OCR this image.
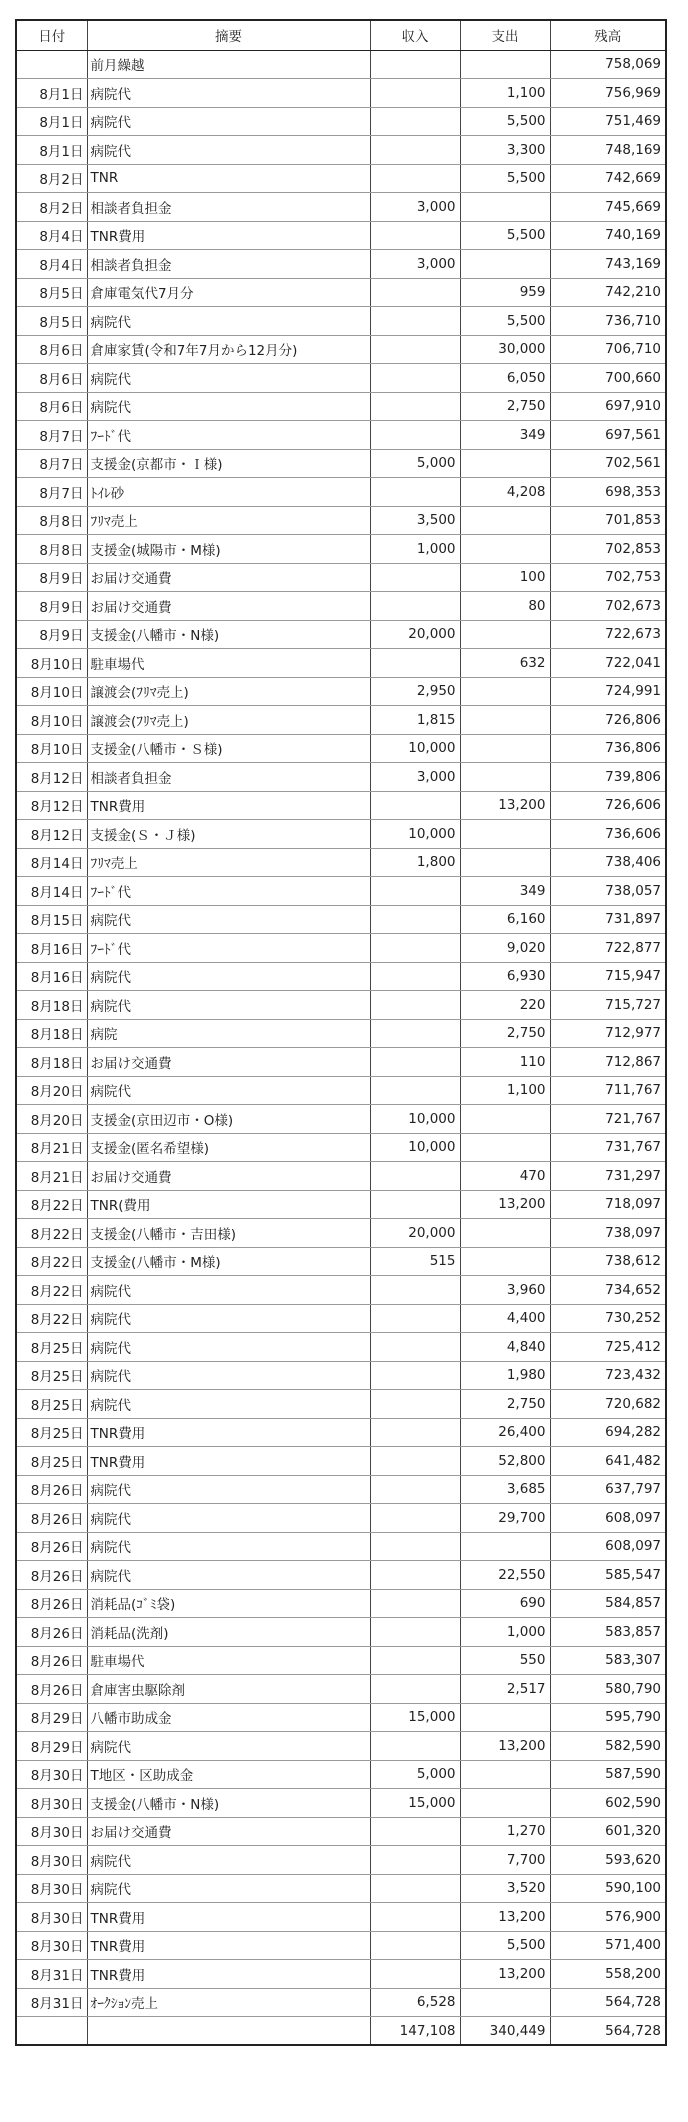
日付	摘要	収入	支出	残高
	前月繰越			758,069
8月1日	病院代		1,100	756,969
8月1日	病院代		5,500	751,469
8月1日	病院代		3,300	748,169
8月2日	TNR		5,500	742,669
8月2日	相談者負担金	3,000		745,669
8月4日	TNR費用		5,500	740,169
8月4日	相談者負担金	3,000		743,169
8月5日	倉庫電気代7月分		959	742,210
8月5日	病院代		5,500	736,710
8月6日	倉庫家賃(令和7年7月から12月分)		30,000	706,710
8月6日	病院代		6,050	700,660
8月6日	病院代		2,750	697,910
8月7日	ﾌｰﾄﾞ代		349	697,561
8月7日	支援金(京都市・Ｉ様)	5,000		702,561
8月7日	ﾄｲﾚ砂		4,208	698,353
8月8日	ﾌﾘﾏ売上	3,500		701,853
8月8日	支援金(城陽市・M様)	1,000		702,853
8月9日	お届け交通費		100	702,753
8月9日	お届け交通費		80	702,673
8月9日	支援金(八幡市・N様)	20,000		722,673
8月10日	駐車場代		632	722,041
8月10日	譲渡会(ﾌﾘﾏ売上)	2,950		724,991
8月10日	譲渡会(ﾌﾘﾏ売上)	1,815		726,806
8月10日	支援金(八幡市・Ｓ様)	10,000		736,806
8月12日	相談者負担金	3,000		739,806
8月12日	TNR費用		13,200	726,606
8月12日	支援金(Ｓ・Ｊ様)	10,000		736,606
8月14日	ﾌﾘﾏ売上	1,800		738,406
8月14日	ﾌｰﾄﾞ代		349	738,057
8月15日	病院代		6,160	731,897
8月16日	ﾌｰﾄﾞ代		9,020	722,877
8月16日	病院代		6,930	715,947
8月18日	病院代		220	715,727
8月18日	病院		2,750	712,977
8月18日	お届け交通費		110	712,867
8月20日	病院代		1,100	711,767
8月20日	支援金(京田辺市・O様)	10,000		721,767
8月21日	支援金(匿名希望様)	10,000		731,767
8月21日	お届け交通費		470	731,297
8月22日	TNR(費用		13,200	718,097
8月22日	支援金(八幡市・吉田様)	20,000		738,097
8月22日	支援金(八幡市・M様)	515		738,612
8月22日	病院代		3,960	734,652
8月22日	病院代		4,400	730,252
8月25日	病院代		4,840	725,412
8月25日	病院代		1,980	723,432
8月25日	病院代		2,750	720,682
8月25日	TNR費用		26,400	694,282
8月25日	TNR費用		52,800	641,482
8月26日	病院代		3,685	637,797
8月26日	病院代		29,700	608,097
8月26日	病院代			608,097
8月26日	病院代		22,550	585,547
8月26日	消耗品(ｺﾞﾐ袋)		690	584,857
8月26日	消耗品(洗剤)		1,000	583,857
8月26日	駐車場代		550	583,307
8月26日	倉庫害虫駆除剤		2,517	580,790
8月29日	八幡市助成金	15,000		595,790
8月29日	病院代		13,200	582,590
8月30日	T地区・区助成金	5,000		587,590
8月30日	支援金(八幡市・N様)	15,000		602,590
8月30日	お届け交通費		1,270	601,320
8月30日	病院代		7,700	593,620
8月30日	病院代		3,520	590,100
8月30日	TNR費用		13,200	576,900
8月30日	TNR費用		5,500	571,400
8月31日	TNR費用		13,200	558,200
8月31日	ｵｰｸｼｮﾝ売上	6,528		564,728
		147,108	340,449	564,728
